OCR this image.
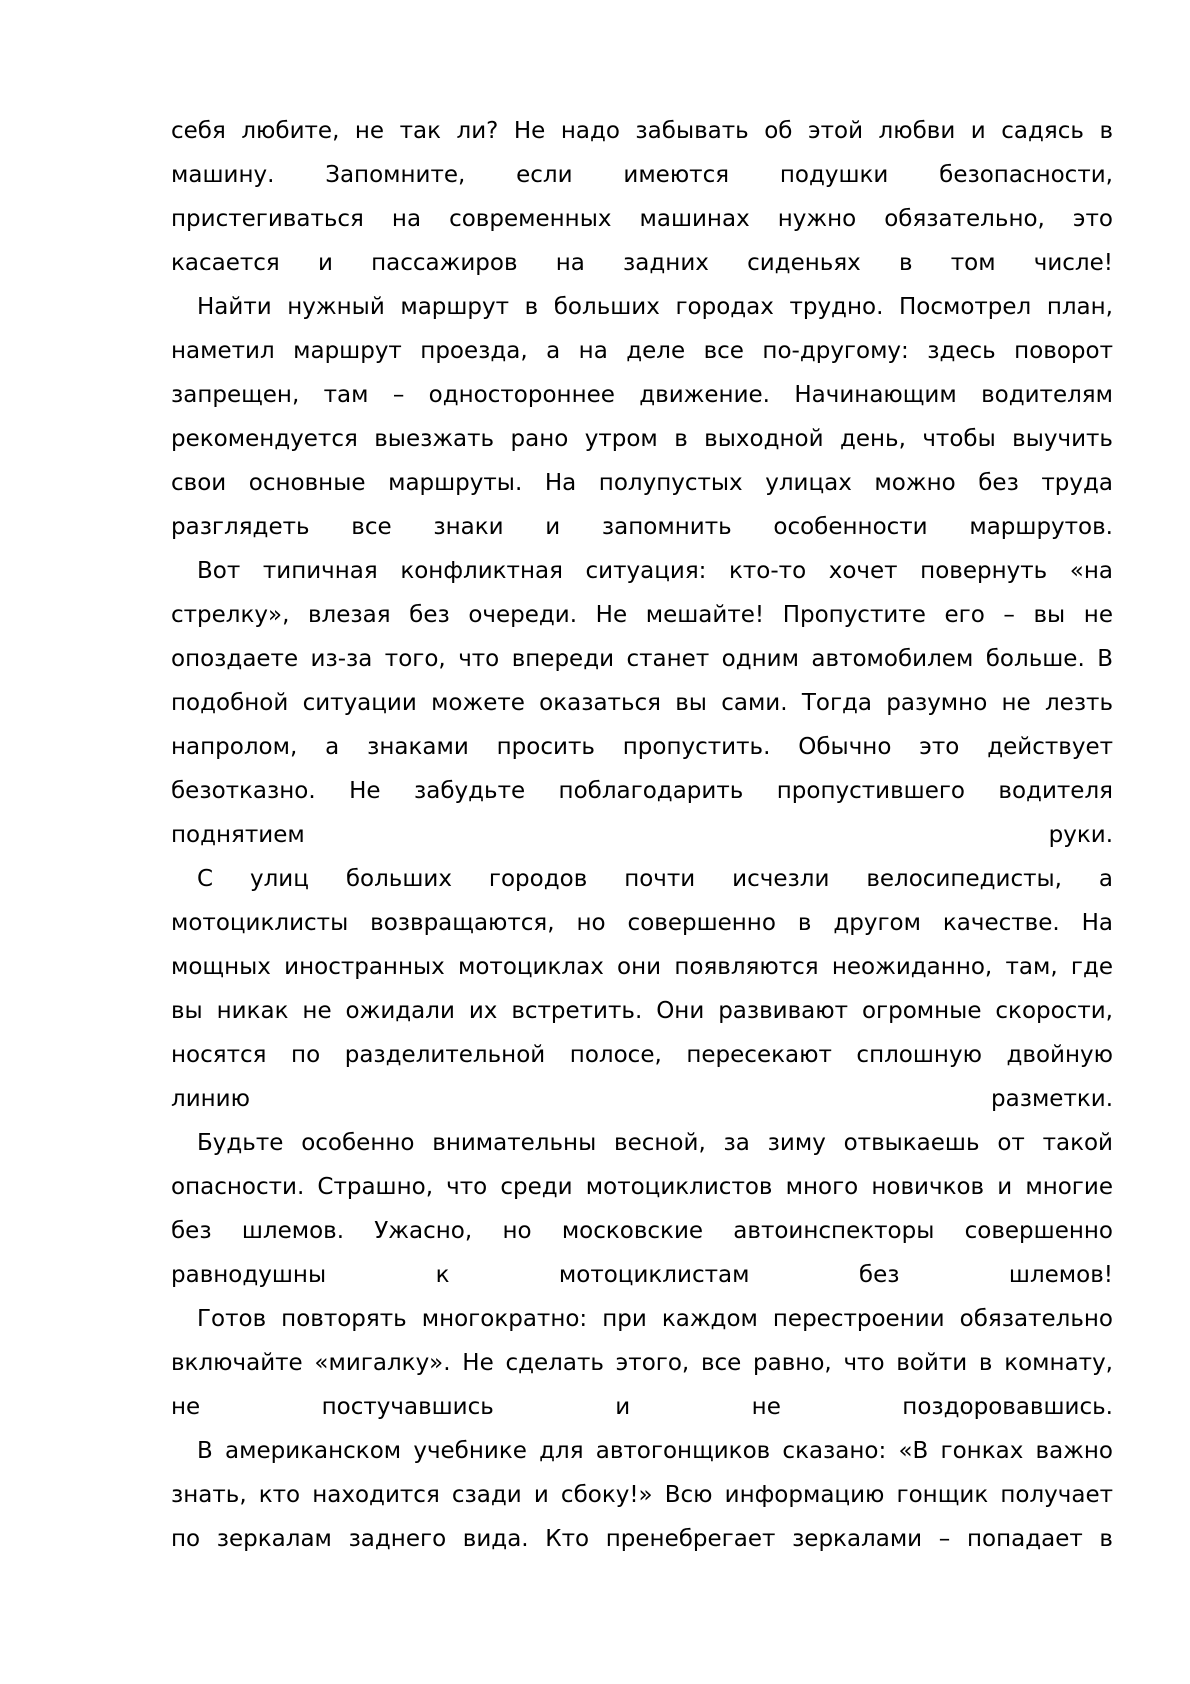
себя любите, не так ли? Не надо забывать об этой любви и садясь в
машину. Запомните, если имеются подушки безопасности,
пристегиваться на современных машинах нужно обязательно, это
касается и пассажиров на задних сиденьях в том числе!
Найти нужный маршрут в больших городах трудно. Посмотрел план,
наметил маршрут проезда, а на деле все по-другому: здесь поворот
запрещен, там – одностороннее движение. Начинающим водителям
рекомендуется выезжать рано утром в выходной день, чтобы выучить
свои основные маршруты. На полупустых улицах можно без труда
разглядеть все знаки и запомнить особенности маршрутов.
Вот типичная конфликтная ситуация: кто-то хочет повернуть «на
стрелку», влезая без очереди. Не мешайте! Пропустите его – вы не
опоздаете из-за того, что впереди станет одним автомобилем больше. В
подобной ситуации можете оказаться вы сами. Тогда разумно не лезть
напролом, а знаками просить пропустить. Обычно это действует
безотказно. Не забудьте поблагодарить пропустившего водителя
поднятием руки.
С улиц больших городов почти исчезли велосипедисты, а
мотоциклисты возвращаются, но совершенно в другом качестве. На
мощных иностранных мотоциклах они появляются неожиданно, там, где
вы никак не ожидали их встретить. Они развивают огромные скорости,
носятся по разделительной полосе, пересекают сплошную двойную
линию разметки.
Будьте особенно внимательны весной, за зиму отвыкаешь от такой
опасности. Страшно, что среди мотоциклистов много новичков и многие
без шлемов. Ужасно, но московские автоинспекторы совершенно
равнодушны к мотоциклистам без шлемов!
Готов повторять многократно: при каждом перестроении обязательно
включайте «мигалку». Не сделать этого, все равно, что войти в комнату,
не постучавшись и не поздоровавшись.
В американском учебнике для автогонщиков сказано: «В гонках важно
знать, кто находится сзади и сбоку!» Всю информацию гонщик получает
по зеркалам заднего вида. Кто пренебрегает зеркалами – попадает в
